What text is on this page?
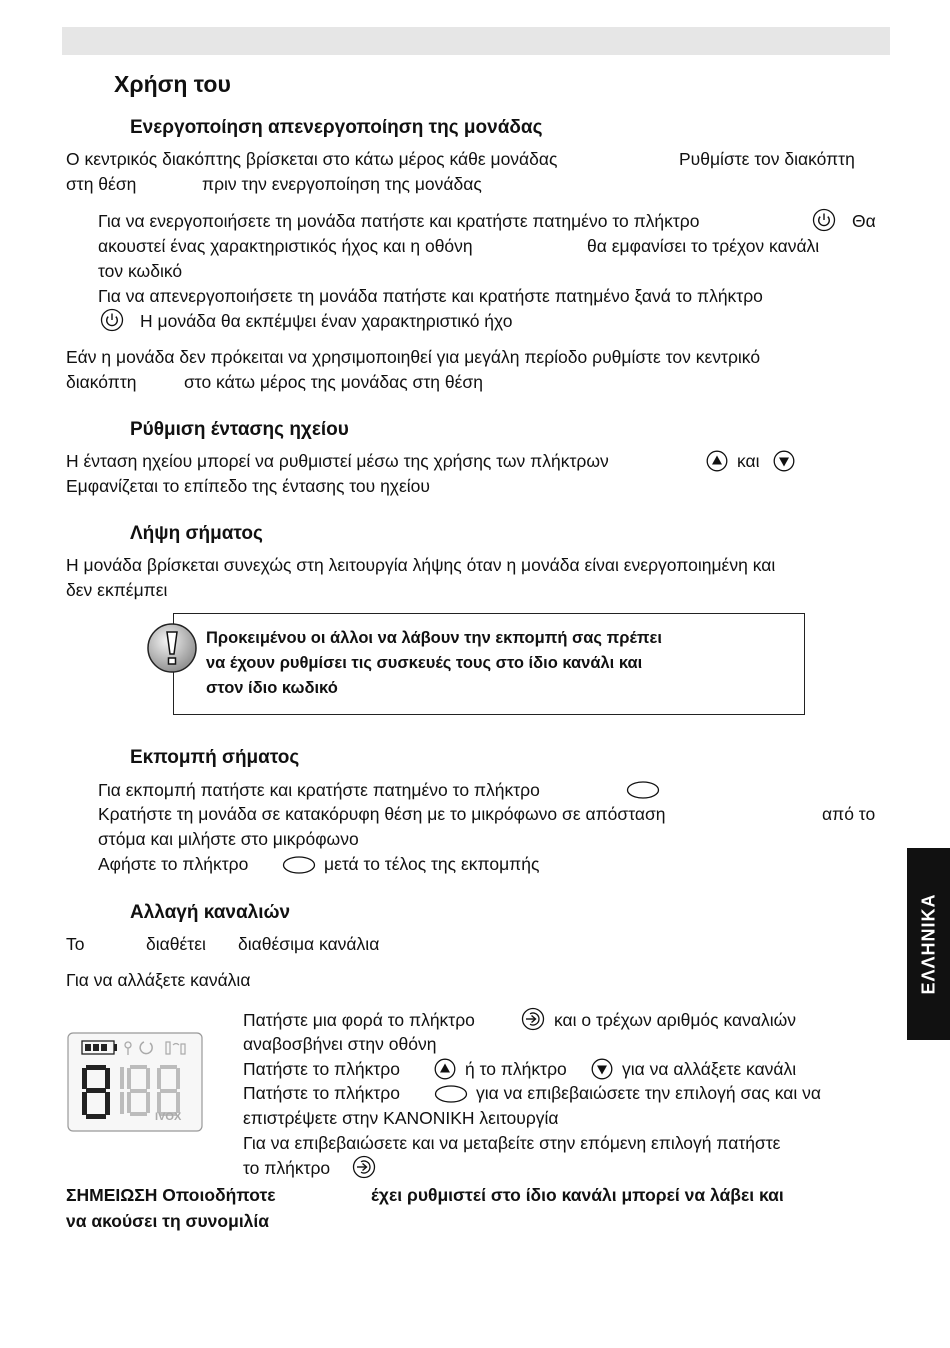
Χρήση του
Ενεργοποίηση απενεργοποίηση της μονάδας
Ο κεντρικός διακόπτης βρίσκεται στο κάτω μέρος κάθε μονάδας	Ρυθμίστε τον διακόπτη
στη θέση	πριν την ενεργοποίηση της μονάδας
Για να ενεργοποιήσετε τη μονάδα πατήστε και κρατήστε πατημένο το πλήκτρο	Θα
ακουστεί ένας χαρακτηριστικός ήχος και η οθόνη	θα εμφανίσει το τρέχον κανάλι
τον κωδικό
Για να απενεργοποιήσετε τη μονάδα πατήστε και κρατήστε πατημένο ξανά το πλήκτρο
Η μονάδα θα εκπέμψει έναν χαρακτηριστικό ήχο
Εάν η μονάδα δεν πρόκειται να χρησιμοποιηθεί για μεγάλη περίοδο ρυθμίστε τον κεντρικό
διακόπτη	στο κάτω μέρος της μονάδας στη θέση
Ρύθμιση έντασης ηχείου
Η ένταση ηχείου μπορεί να ρυθμιστεί μέσω της χρήσης των πλήκτρων	και
Εμφανίζεται το επίπεδο της έντασης του ηχείου
Λήψη σήματος
Η μονάδα βρίσκεται συνεχώς στη λειτουργία λήψης όταν η μονάδα είναι ενεργοποιημένη και
δεν εκπέμπει
Προκειμένου οι άλλοι να λάβουν την εκπομπή σας πρέπει
να έχουν ρυθμίσει τις συσκευές τους στο ίδιο κανάλι και
στον ίδιο κωδικό
Εκπομπή σήματος
Για εκπομπή πατήστε και κρατήστε πατημένο το πλήκτρο
Κρατήστε τη μονάδα σε κατακόρυφη θέση με το μικρόφωνο σε απόσταση	από το
στόμα και μιλήστε στο μικρόφωνο
Αφήστε το πλήκτρο	μετά το τέλος της εκπομπής
Αλλαγή καναλιών
Το	διαθέτει διαθέσιμα κανάλια
Για να αλλάξετε κανάλια
IVOX
Πατήστε μια φορά το πλήκτρο	και ο τρέχων αριθμός καναλιών
αναβοσβήνει στην οθόνη
Πατήστε το πλήκτρο	ή το πλήκτρο	για να αλλάξετε κανάλι
Πατήστε το πλήκτρο	για να επιβεβαιώσετε την επιλογή σας και να
επιστρέψετε στην ΚΑΝΟΝΙΚΗ λειτουργία
Για να επιβεβαιώσετε και να μεταβείτε στην επόμενη επιλογή πατήστε
το πλήκτρο
ΣΗΜΕΙΩΣΗ Οποιοδήποτε	έχει ρυθμιστεί στο ίδιο κανάλι μπορεί να λάβει και
να ακούσει τη συνομιλία
ΕΛΛΗΝΙΚΑ
